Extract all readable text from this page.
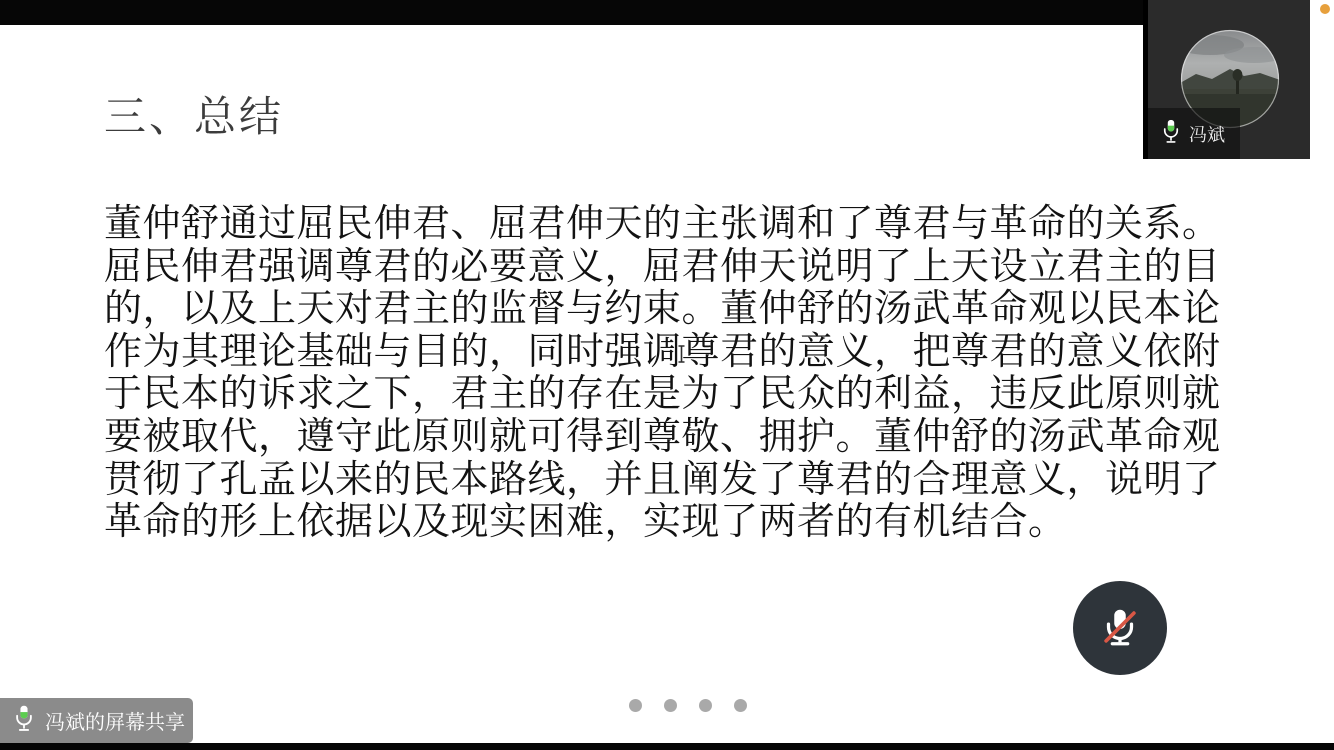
三、总结
董仲舒通过屈民伸君、屈君伸天的主张调和了尊君与革命的关系。
屈民伸君强调尊君的必要意义，屈君伸天说明了上天设立君主的目
的，以及上天对君主的监督与约束。董仲舒的汤武革命观以民本论
作为其理论基础与目的，同时强调尊君的意义，把尊君的意义依附
于民本的诉求之下，君主的存在是为了民众的利益，违反此原则就
要被取代，遵守此原则就可得到尊敬、拥护。董仲舒的汤武革命观
贯彻了孔孟以来的民本路线，并且阐发了尊君的合理意义，说明了
革命的形上依据以及现实困难，实现了两者的有机结合。
冯斌
冯斌的屏幕共享
